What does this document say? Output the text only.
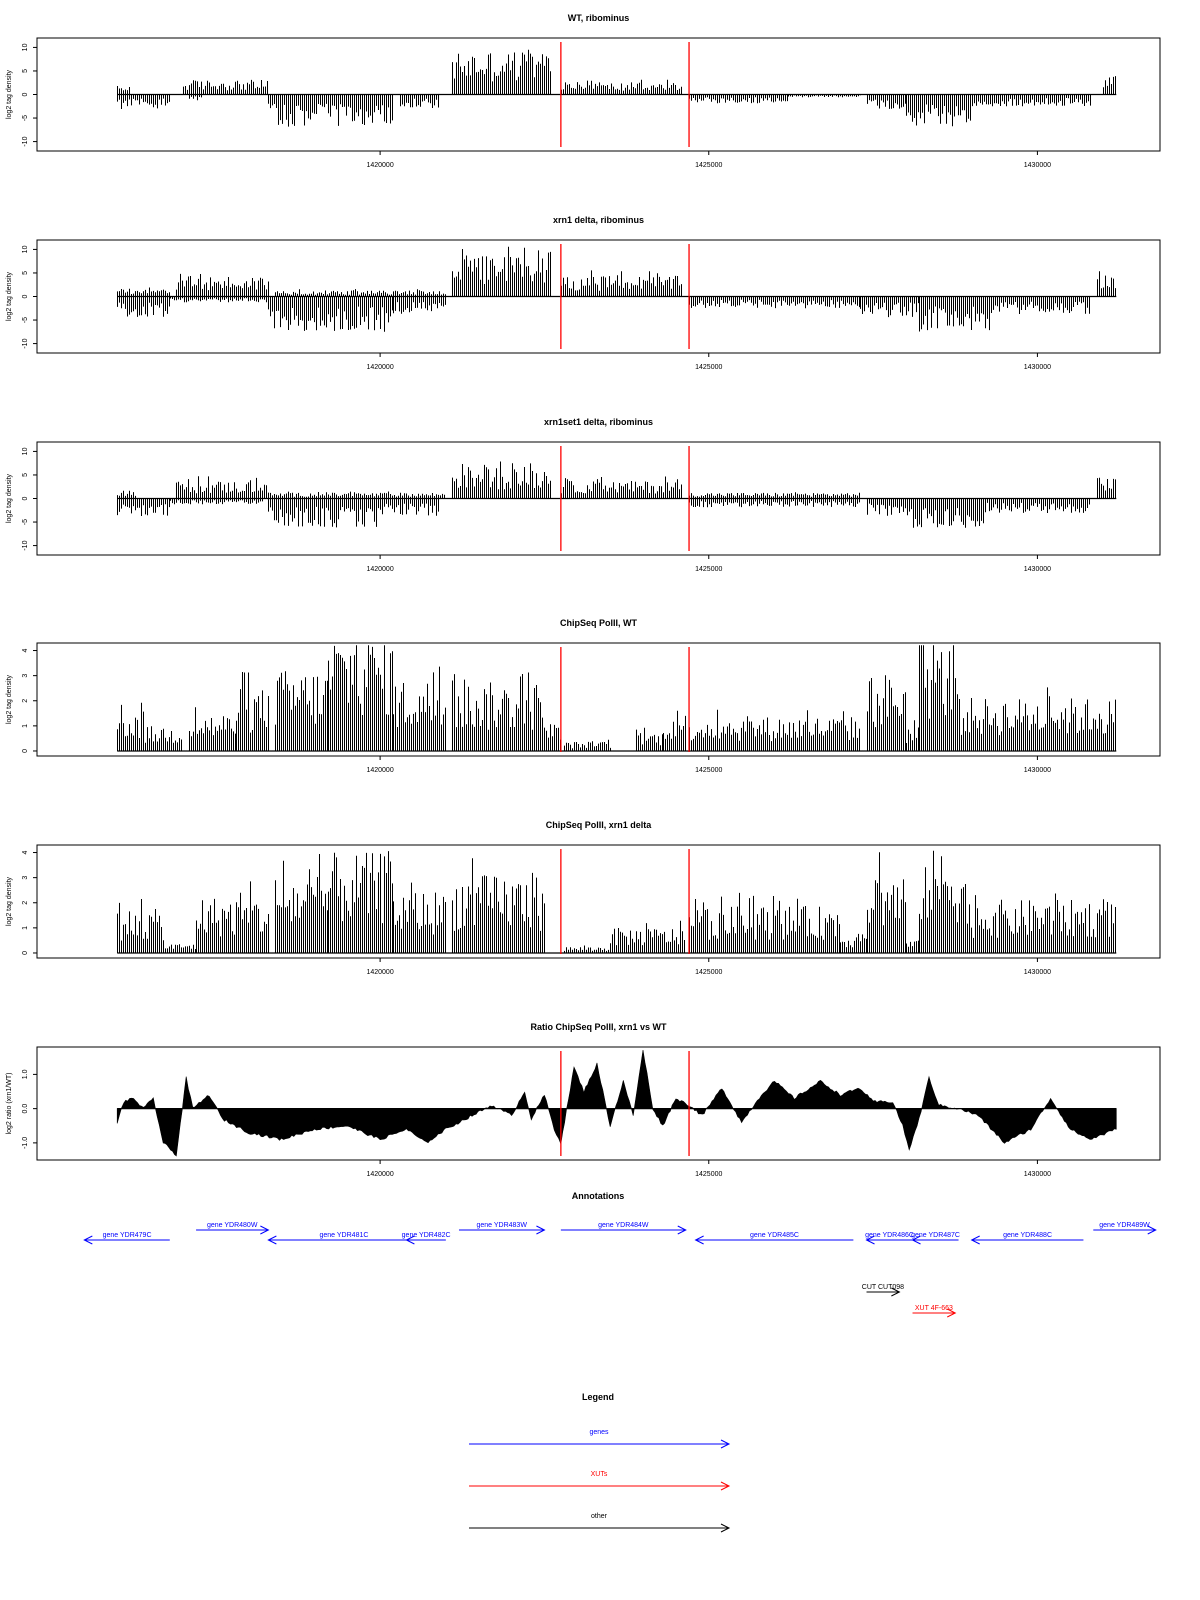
WT, ribominus
log2 tag density
-10
-5
0
5
10
1420000	1425000	1430000
xrn1 delta, ribominus
log2 tag density
-10
-5
0
5
10
1420000	1425000	1430000
xrn1set1 delta, ribominus
log2 tag density
-10
-5
0
5
10
1420000	1425000	1430000
ChipSeq PolII, WT
log2 tag density
0
1
2
3
4
1420000	1425000	1430000
ChipSeq PolII, xrn1 delta
log2 tag density
0
1
2
3
4
1420000	1425000	1430000
Ratio ChipSeq PolII, xrn1 vs WT
log2 ratio (xrn1/WT)
-1.0
0.0
1.0
1420000	1425000	1430000
Annotations
gene YDR479C
gene YDR480W
gene YDR481C	gene YDR482C
gene YDR483W	gene YDR484W
gene YDR485C	gene YDR486C
gene YDR487C	gene YDR488C
gene YDR489W
CUT CUT098
XUT 4F-663
Legend
genes
XUTs
other
